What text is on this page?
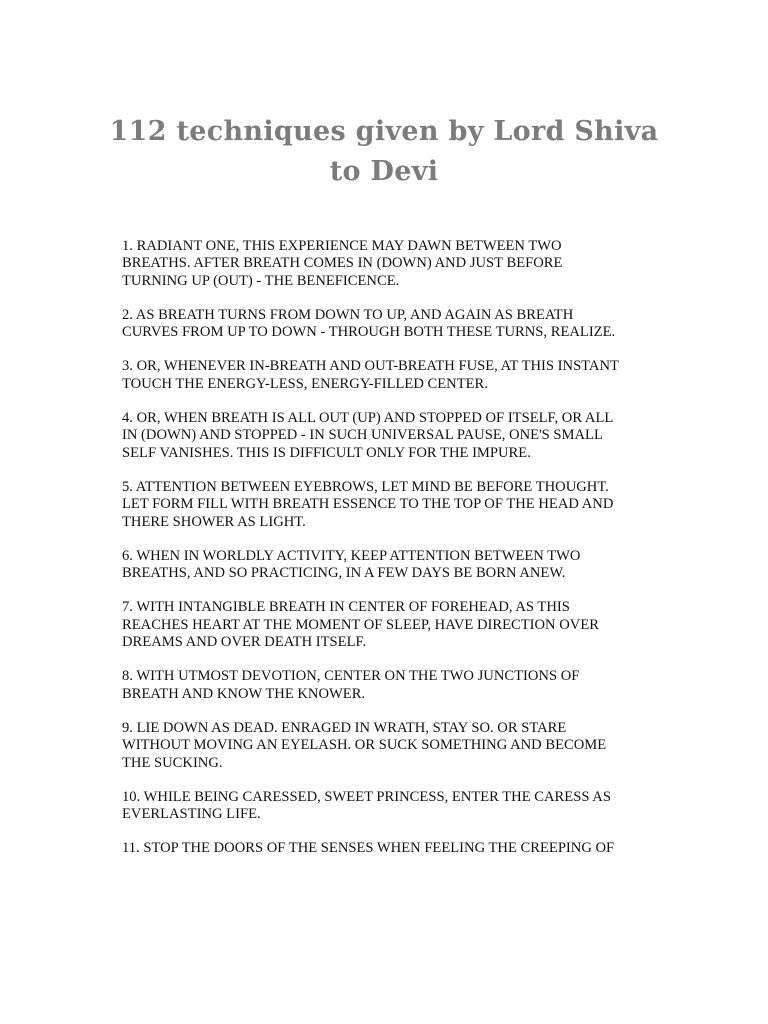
112 techniques given by Lord Shiva
to Devi

1. RADIANT ONE, THIS EXPERIENCE MAY DAWN BETWEEN TWO
BREATHS. AFTER BREATH COMES IN (DOWN) AND JUST BEFORE
TURNING UP (OUT) - THE BENEFICENCE.

2. AS BREATH TURNS FROM DOWN TO UP, AND AGAIN AS BREATH
CURVES FROM UP TO DOWN - THROUGH BOTH THESE TURNS, REALIZE.

3. OR, WHENEVER IN-BREATH AND OUT-BREATH FUSE, AT THIS INSTANT
TOUCH THE ENERGY-LESS, ENERGY-FILLED CENTER.

4. OR, WHEN BREATH IS ALL OUT (UP) AND STOPPED OF ITSELF, OR ALL
IN (DOWN) AND STOPPED - IN SUCH UNIVERSAL PAUSE, ONE'S SMALL
SELF VANISHES. THIS IS DIFFICULT ONLY FOR THE IMPURE.

5. ATTENTION BETWEEN EYEBROWS, LET MIND BE BEFORE THOUGHT.
LET FORM FILL WITH BREATH ESSENCE TO THE TOP OF THE HEAD AND
THERE SHOWER AS LIGHT.

6. WHEN IN WORLDLY ACTIVITY, KEEP ATTENTION BETWEEN TWO
BREATHS, AND SO PRACTICING, IN A FEW DAYS BE BORN ANEW.

7. WITH INTANGIBLE BREATH IN CENTER OF FOREHEAD, AS THIS
REACHES HEART AT THE MOMENT OF SLEEP, HAVE DIRECTION OVER
DREAMS AND OVER DEATH ITSELF.

8. WITH UTMOST DEVOTION, CENTER ON THE TWO JUNCTIONS OF
BREATH AND KNOW THE KNOWER.

9. LIE DOWN AS DEAD. ENRAGED IN WRATH, STAY SO. OR STARE
WITHOUT MOVING AN EYELASH. OR SUCK SOMETHING AND BECOME
THE SUCKING.

10. WHILE BEING CARESSED, SWEET PRINCESS, ENTER THE CARESS AS
EVERLASTING LIFE.

11. STOP THE DOORS OF THE SENSES WHEN FEELING THE CREEPING OF
